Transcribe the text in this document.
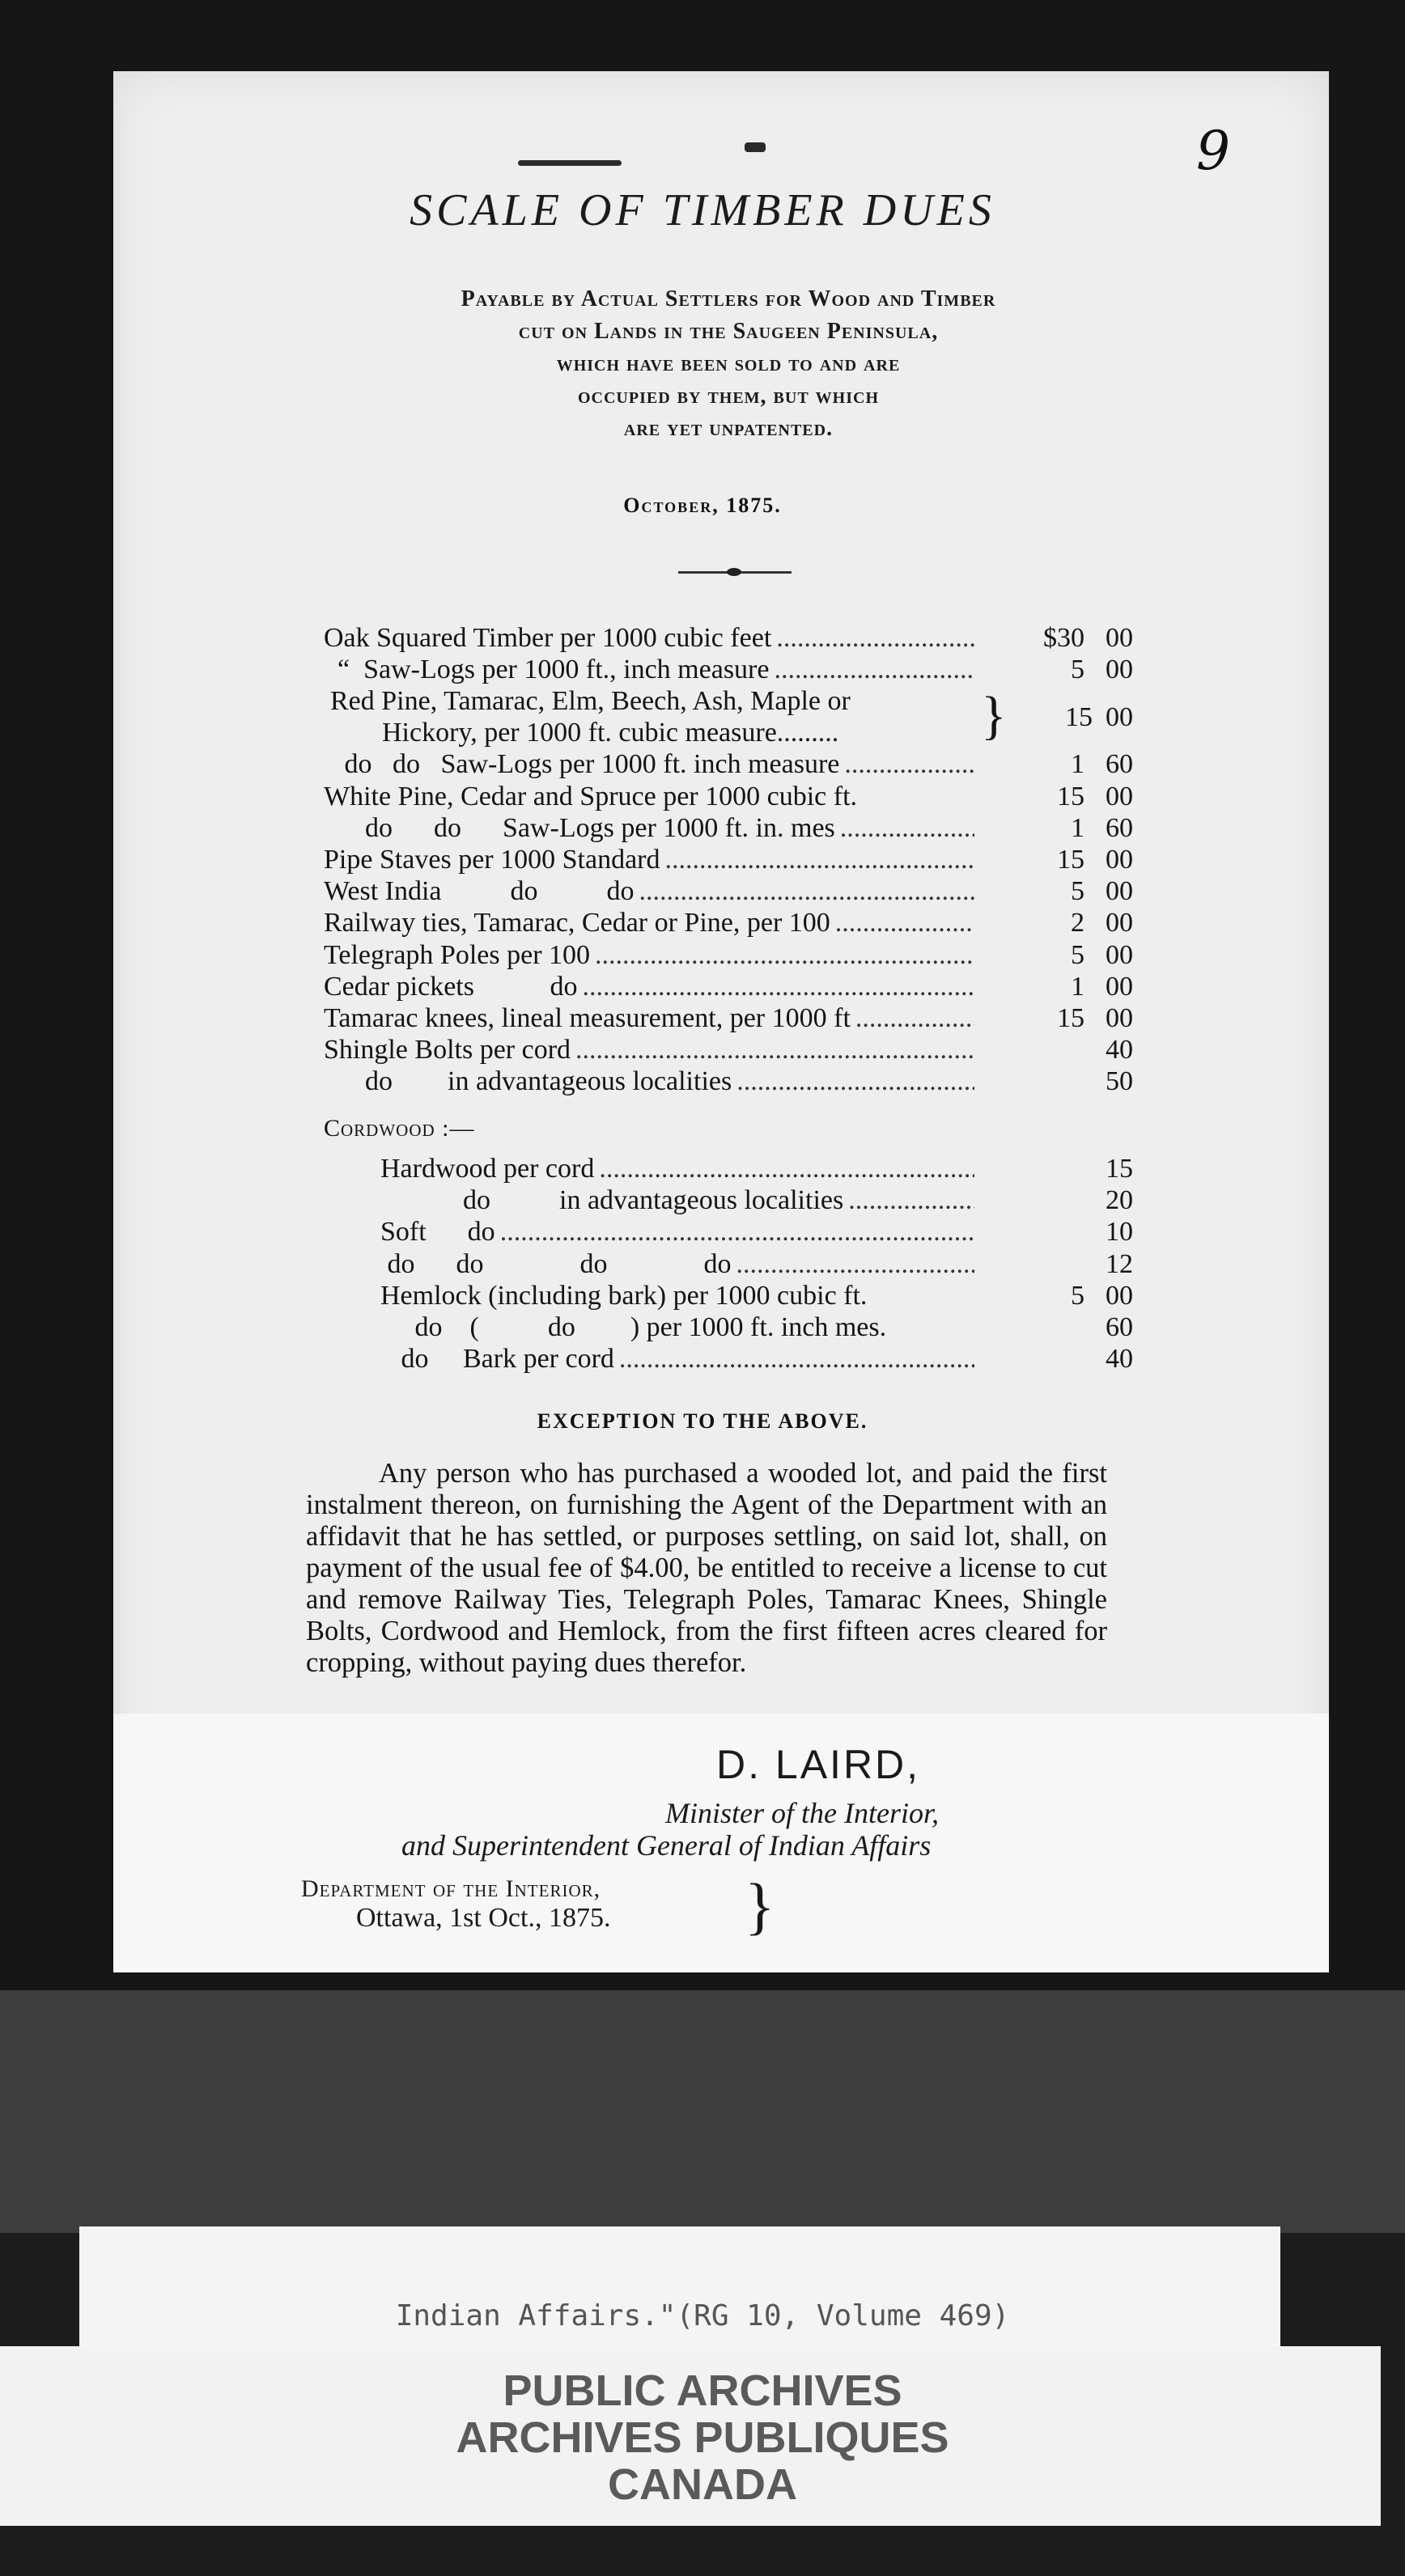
9
SCALE OF TIMBER DUES
Payable by Actual Settlers for Wood and Timber
cut on Lands in the Saugeen Peninsula,
which have been sold to and are
occupied by them, but which
are yet unpatented.
October, 1875.
Oak Squared Timber per 1000 cubic feet .....	$30 00
“  Saw-Logs per 1000 ft., inch measure .....	5 00
Red Pine, Tamarac, Elm, Beech, Ash, Maple or
Hickory, per 1000 ft. cubic measure.........	}	15 00
do   do   Saw-Logs per 1000 ft. inch measure .....	1 60
White Pine, Cedar and Spruce per 1000 cubic ft.	15 00
do      do      Saw-Logs per 1000 ft. in. mes .....	1 60
Pipe Staves per 1000 Standard .....	15 00
West India          do          do .....	5 00
Railway ties, Tamarac, Cedar or Pine, per 100 .....	2 00
Telegraph Poles per 100 .....	5 00
Cedar pickets           do .....	1 00
Tamarac knees, lineal measurement, per 1000 ft .....	15 00
Shingle Bolts per cord .....	40
do        in advantageous localities .....	50
Cordwood :—
Hardwood per cord .....	15
do          in advantageous localities .....	20
Soft      do .....	10
do      do              do              do .....	12
Hemlock (including bark) per 1000 cubic ft.	5 00
do    (          do        ) per 1000 ft. inch mes.	60
do     Bark per cord .....	40
EXCEPTION TO THE ABOVE.
Any person who has purchased a wooded lot, and paid the first instalment thereon, on furnishing the Agent of the Department with an affidavit that he has settled, or purposes settling, on said lot, shall, on payment of the usual fee of $4.00, be entitled to receive a license to cut and remove Railway Ties, Telegraph Poles, Tamarac Knees, Shingle Bolts, Cordwood and Hemlock, from the first fifteen acres cleared for cropping, without paying dues therefor.
D. LAIRD,
Minister of the Interior,
and Superintendent General of Indian Affairs
Department of the Interior,
Ottawa, 1st Oct., 1875. }
Indian Affairs."(RG 10, Volume 469)
PUBLIC ARCHIVES
ARCHIVES PUBLIQUES
CANADA
